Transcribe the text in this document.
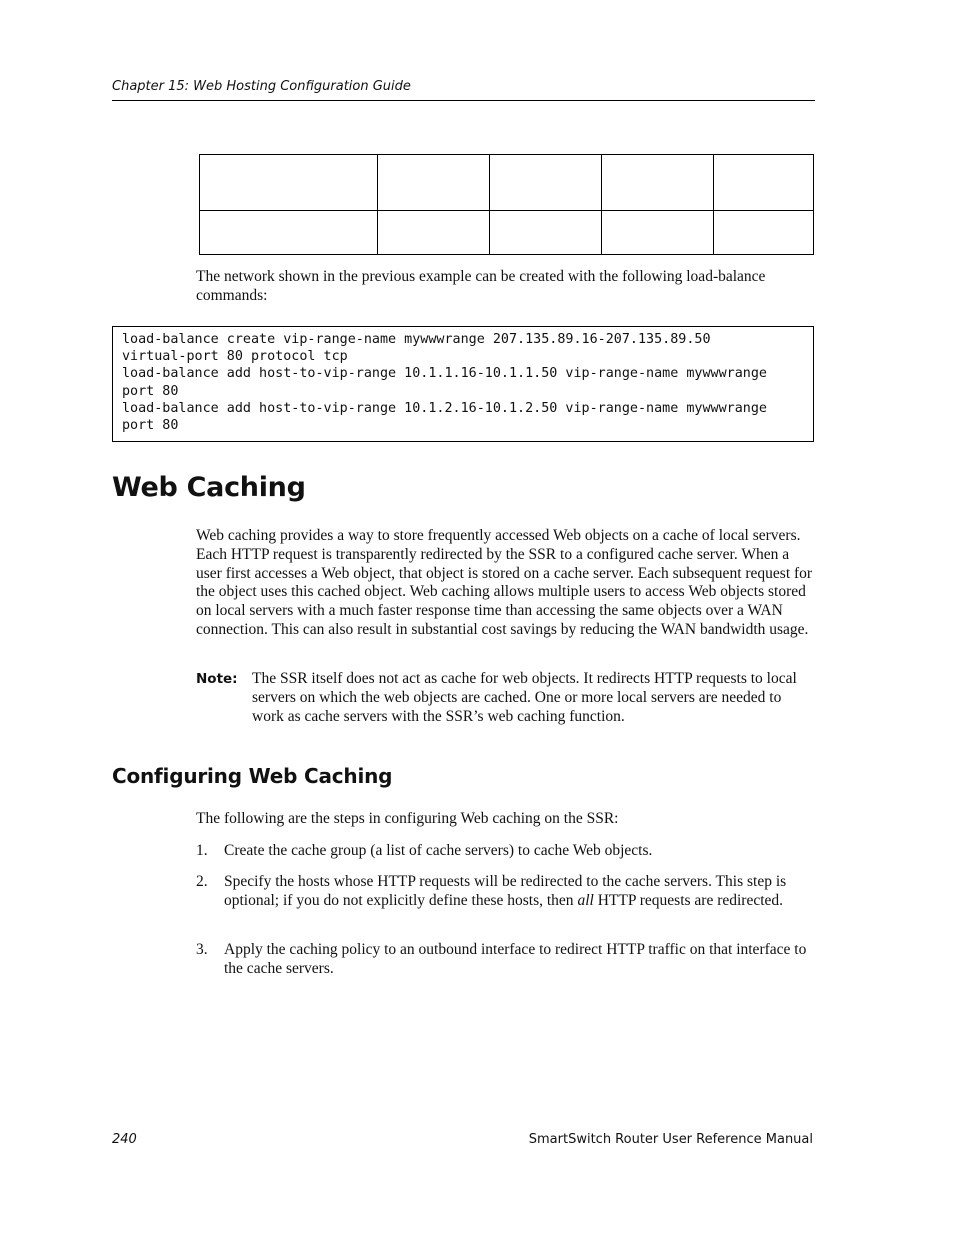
Chapter 15: Web Hosting Configuration Guide

The network shown in the previous example can be created with the following load-balance commands:
load-balance create vip-range-name mywwwrange 207.135.89.16-207.135.89.50
virtual-port 80 protocol tcp
load-balance add host-to-vip-range 10.1.1.16-10.1.1.50 vip-range-name mywwwrange
port 80
load-balance add host-to-vip-range 10.1.2.16-10.1.2.50 vip-range-name mywwwrange
port 80
Web Caching
Web caching provides a way to store frequently accessed Web objects on a cache of local servers. Each HTTP request is transparently redirected by the SSR to a configured cache server. When a user first accesses a Web object, that object is stored on a cache server. Each subsequent request for the object uses this cached object. Web caching allows multiple users to access Web objects stored on local servers with a much faster response time than accessing the same objects over a WAN connection. This can also result in substantial cost savings by reducing the WAN bandwidth usage.
Note: The SSR itself does not act as cache for web objects. It redirects HTTP requests to local servers on which the web objects are cached. One or more local servers are needed to work as cache servers with the SSR’s web caching function.
Configuring Web Caching
The following are the steps in configuring Web caching on the SSR:
1. Create the cache group (a list of cache servers) to cache Web objects.
2. Specify the hosts whose HTTP requests will be redirected to the cache servers. This step is optional; if you do not explicitly define these hosts, then all HTTP requests are redirected.
3. Apply the caching policy to an outbound interface to redirect HTTP traffic on that interface to the cache servers.
240	SmartSwitch Router User Reference Manual
